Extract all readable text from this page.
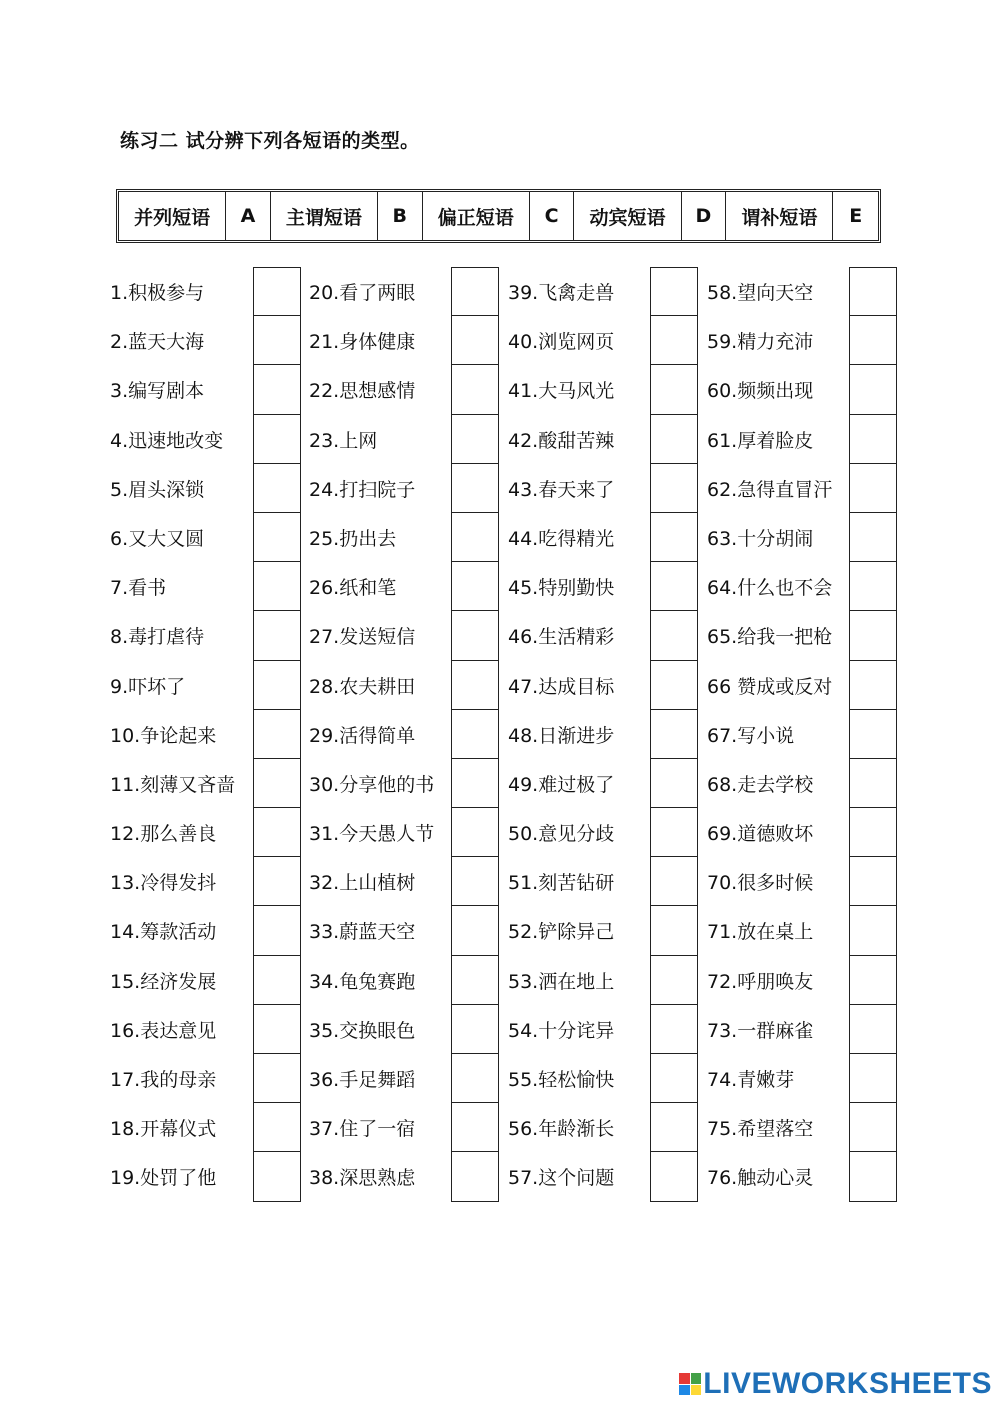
练习二 试分辨下列各短语的类型。
并列短语	A	主谓短语	B	偏正短语	C	动宾短语	D	谓补短语	E
1.积极参与
2.蓝天大海
3.编写剧本
4.迅速地改变
5.眉头深锁
6.又大又圆
7.看书
8.毒打虐待
9.吓坏了
10.争论起来
11.刻薄又吝啬
12.那么善良
13.冷得发抖
14.筹款活动
15.经济发展
16.表达意见
17.我的母亲
18.开幕仪式
19.处罚了他
20.看了两眼
21.身体健康
22.思想感情
23.上网
24.打扫院子
25.扔出去
26.纸和笔
27.发送短信
28.农夫耕田
29.活得简单
30.分享他的书
31.今天愚人节
32.上山植树
33.蔚蓝天空
34.龟兔赛跑
35.交换眼色
36.手足舞蹈
37.住了一宿
38.深思熟虑
39.飞禽走兽
40.浏览网页
41.大马风光
42.酸甜苦辣
43.春天来了
44.吃得精光
45.特别勤快
46.生活精彩
47.达成目标
48.日渐进步
49.难过极了
50.意见分歧
51.刻苦钻研
52.铲除异己
53.洒在地上
54.十分诧异
55.轻松愉快
56.年龄渐长
57.这个问题
58.望向天空
59.精力充沛
60.频频出现
61.厚着脸皮
62.急得直冒汗
63.十分胡闹
64.什么也不会
65.给我一把枪
66 赞成或反对
67.写小说
68.走去学校
69.道德败坏
70.很多时候
71.放在桌上
72.呼朋唤友
73.一群麻雀
74.青嫩芽
75.希望落空
76.触动心灵
LIVEWORKSHEETS
